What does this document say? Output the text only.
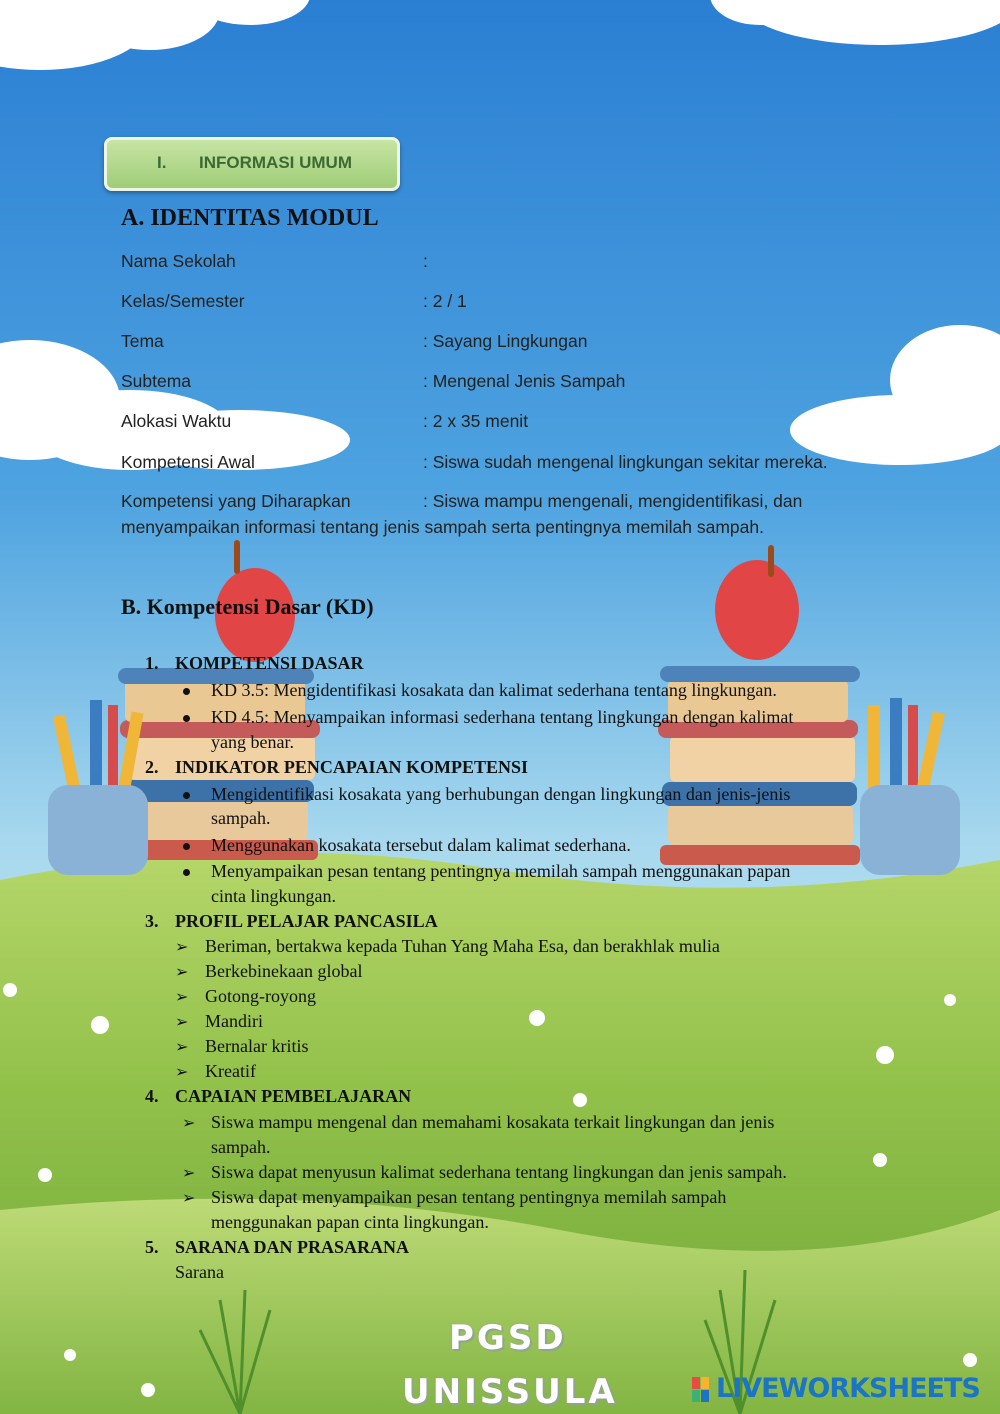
I. INFORMASI UMUM
A. IDENTITAS MODUL
Nama Sekolah	:
Kelas/Semester	: 2 / 1
Tema	: Sayang Lingkungan
Subtema	: Mengenal Jenis Sampah
Alokasi Waktu	: 2 x 35 menit
Kompetensi Awal	: Siswa sudah mengenal lingkungan sekitar mereka.
Kompetensi yang Diharapkan	: Siswa mampu mengenali, mengidentifikasi, dan
menyampaikan informasi tentang jenis sampah serta pentingnya memilah sampah.
B. Kompetensi Dasar (KD)
1. KOMPETENSI DASAR
KD 3.5: Mengidentifikasi kosakata dan kalimat sederhana tentang lingkungan.
KD 4.5: Menyampaikan informasi sederhana tentang lingkungan dengan kalimat
yang benar.
2. INDIKATOR PENCAPAIAN KOMPETENSI
Mengidentifikasi kosakata yang berhubungan dengan lingkungan dan jenis-jenis
sampah.
Menggunakan kosakata tersebut dalam kalimat sederhana.
Menyampaikan pesan tentang pentingnya memilah sampah menggunakan papan
cinta lingkungan.
3. PROFIL PELAJAR PANCASILA
➢ Beriman, bertakwa kepada Tuhan Yang Maha Esa, dan berakhlak mulia
➢ Berkebinekaan global
➢ Gotong-royong
➢ Mandiri
➢ Bernalar kritis
➢ Kreatif
4. CAPAIAN PEMBELAJARAN
➢ Siswa mampu mengenal dan memahami kosakata terkait lingkungan dan jenis
sampah.
➢ Siswa dapat menyusun kalimat sederhana tentang lingkungan dan jenis sampah.
➢ Siswa dapat menyampaikan pesan tentang pentingnya memilah sampah
menggunakan papan cinta lingkungan.
5. SARANA DAN PRASARANA
Sarana
PGSD
UNISSULA	LIVEWORKSHEETS
